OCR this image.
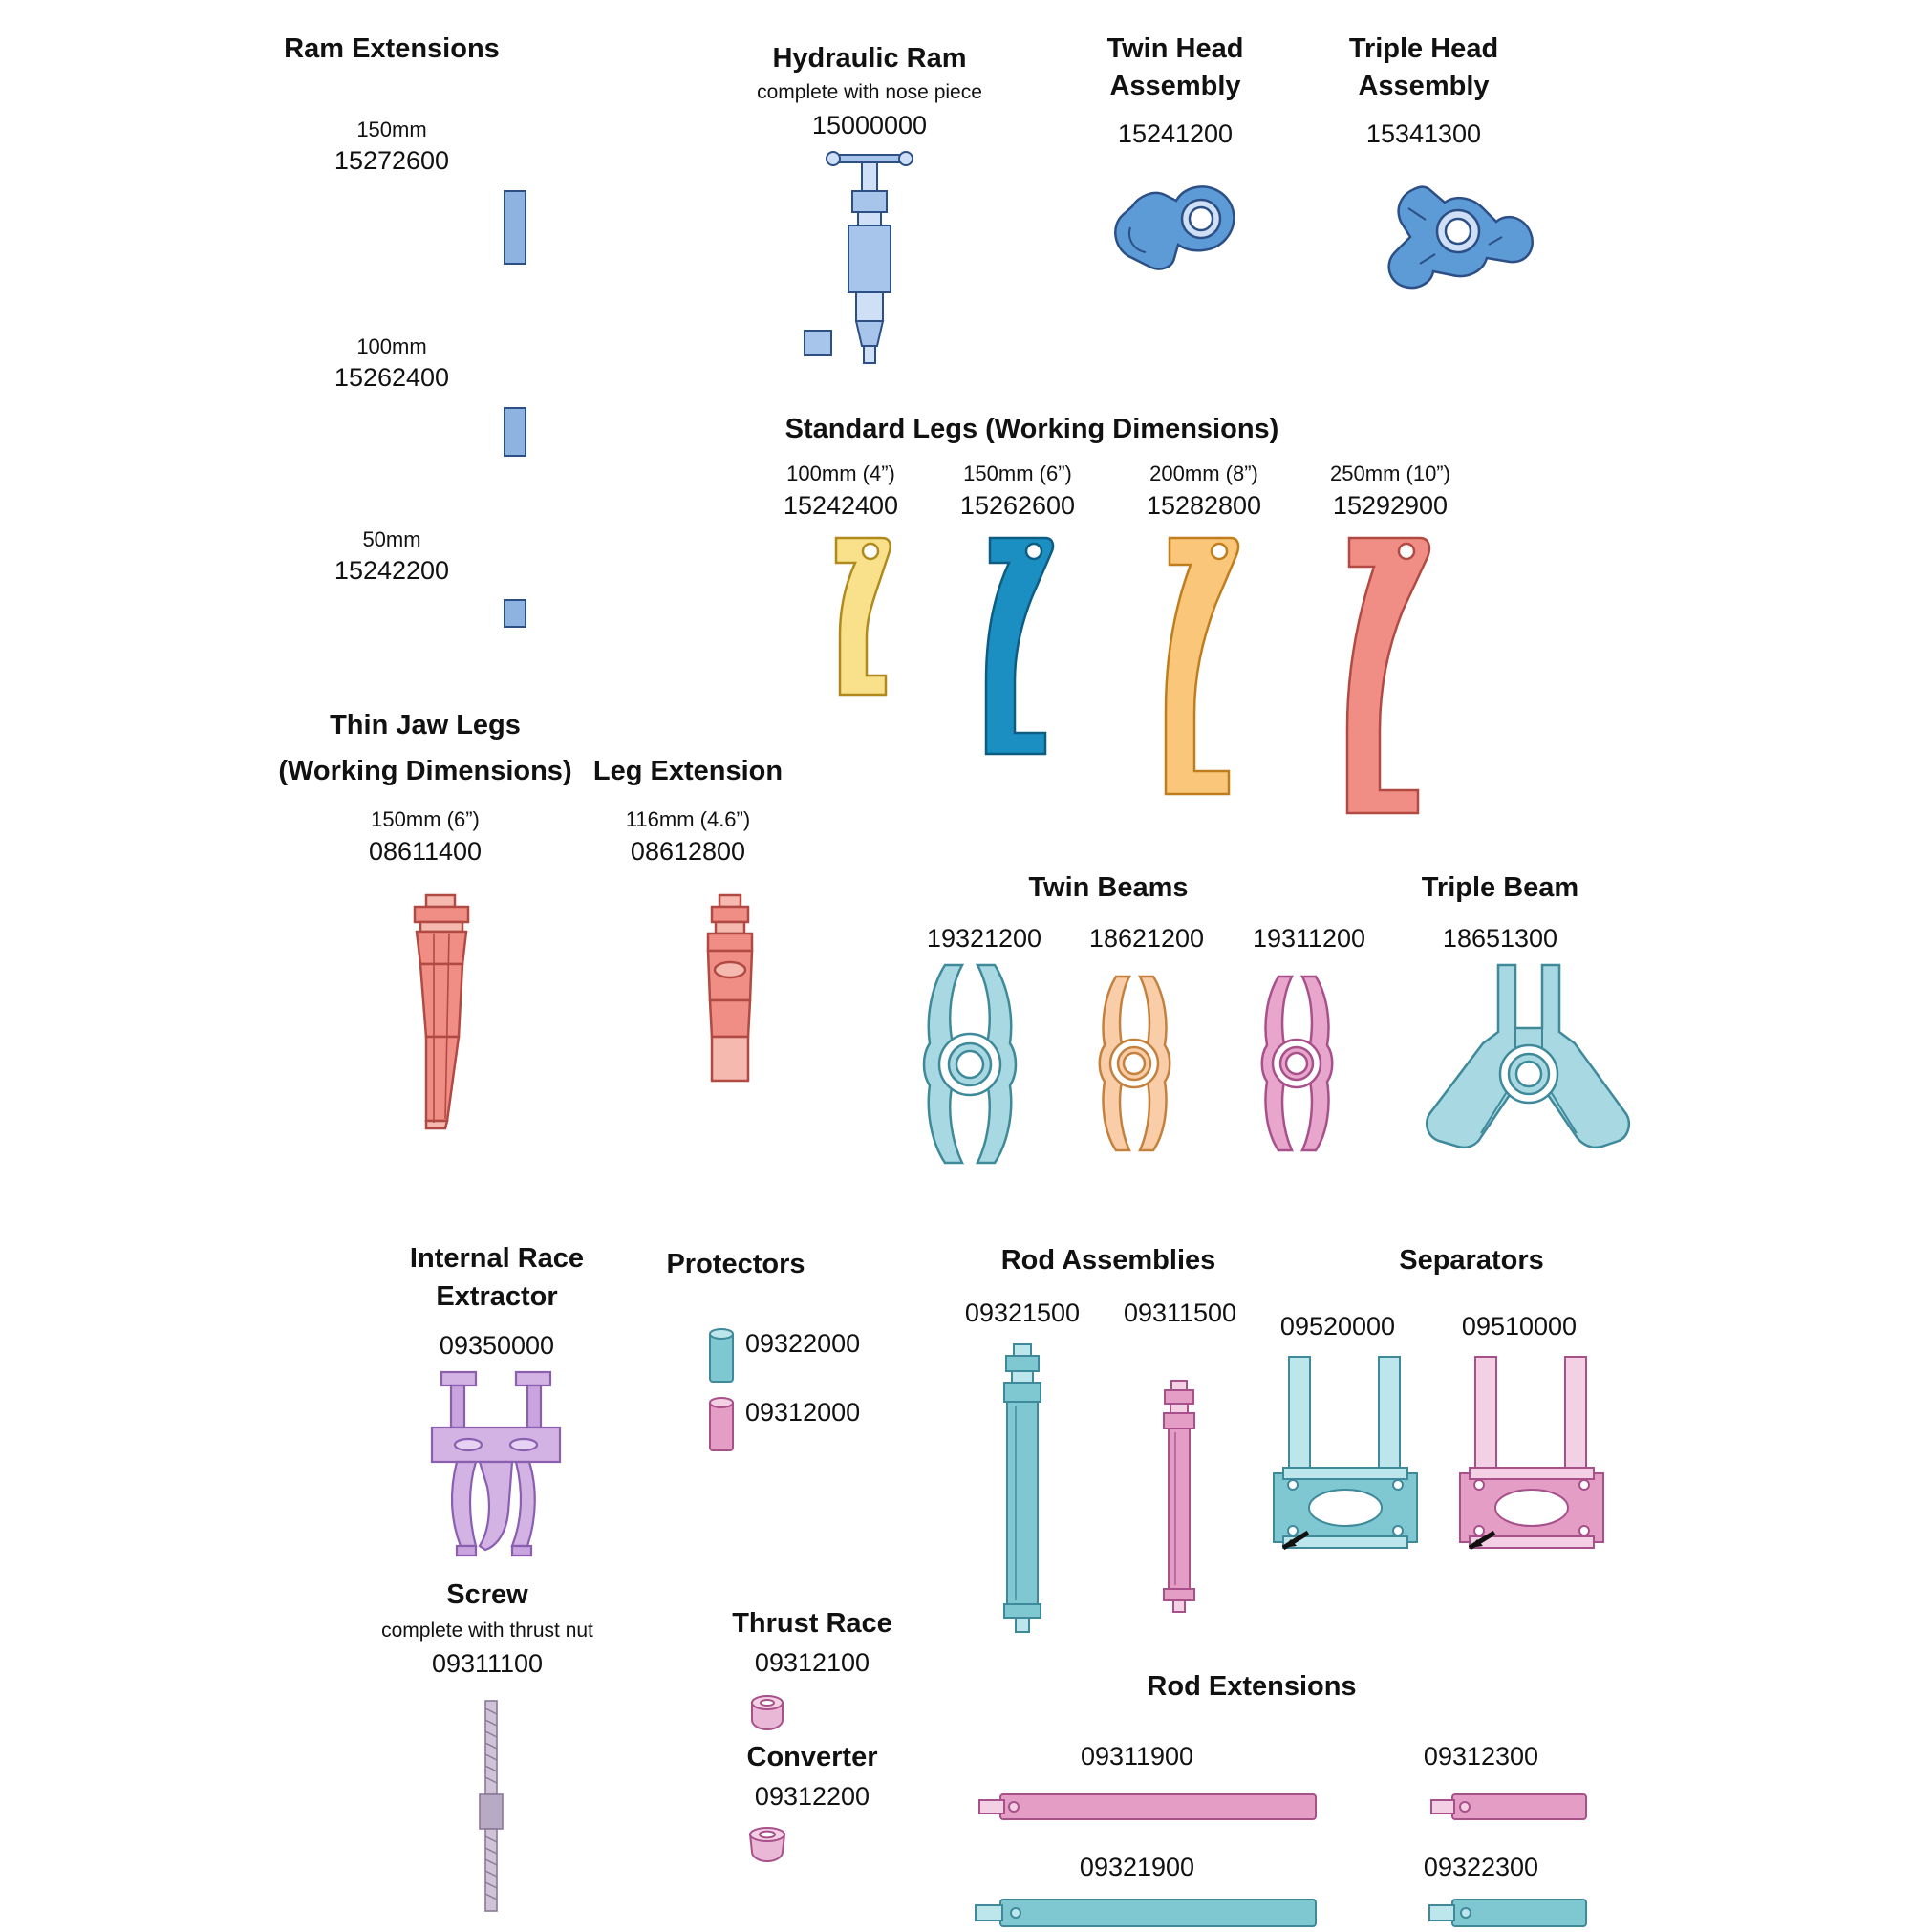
Ram Extensions
150mm
15272600
100mm
15262400
50mm
15242200
Hydraulic Ram
complete with nose piece
15000000
Twin Head
Assembly
15241200
Triple Head
Assembly
15341300
Standard Legs (Working Dimensions)
100mm (4”)
15242400
150mm (6”)
15262600
200mm (8”)
15282800
250mm (10”)
15292900
Thin Jaw Legs
(Working Dimensions)
150mm (6”)
08611400
Leg Extension
116mm (4.6”)
08612800
Twin Beams
19321200	18621200	19311200
Triple Beam
18651300
Internal Race
Extractor
09350000
Protectors
09322000
09312000
Rod Assemblies
09321500	09311500
Separators
09520000	09510000
Screw
complete with thrust nut
09311100
Thrust Race
09312100
Converter
09312200
Rod Extensions
09311900	09312300
09321900	09322300
